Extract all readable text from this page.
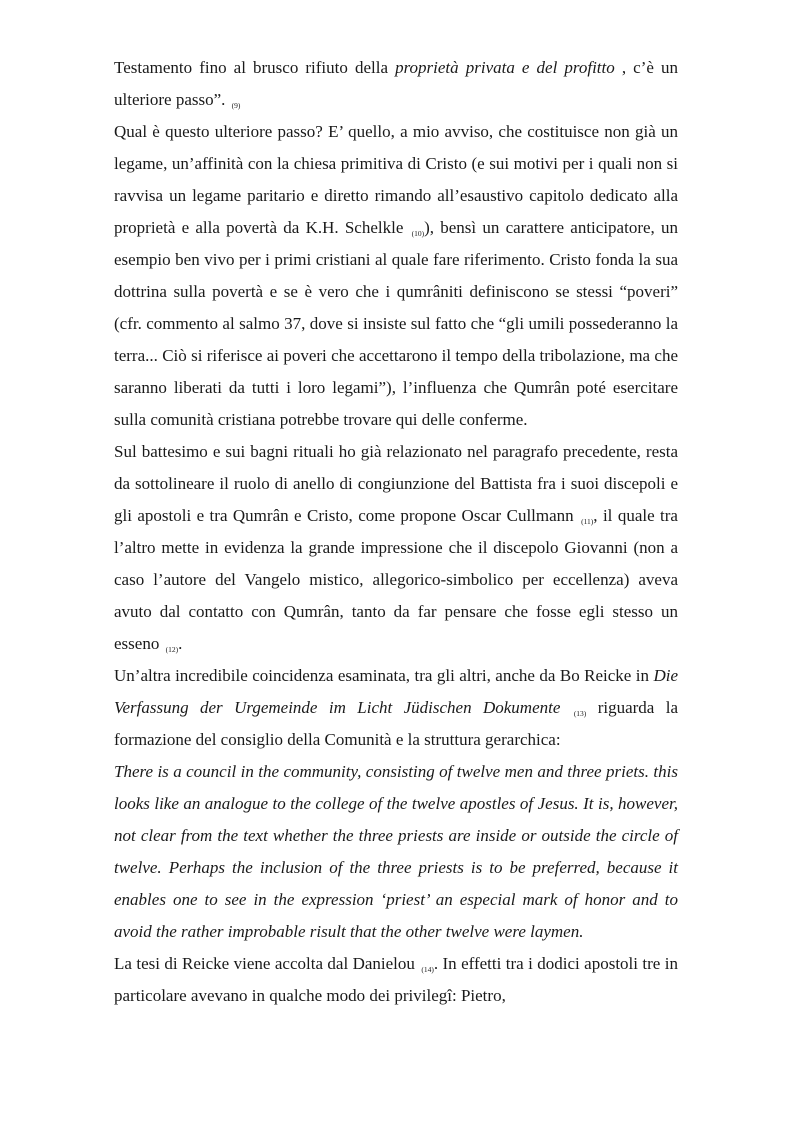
Testamento fino al brusco rifiuto della proprietà privata e del profitto , c’è un ulteriore passo”. (9)

Qual è questo ulteriore passo? E’ quello, a mio avviso, che costituisce non già un legame, un’affinità con la chiesa primitiva di Cristo (e sui motivi per i quali non si ravvisa un legame paritario e diretto rimando all’esaustivo capitolo dedicato alla proprietà e alla povertà da K.H. Schelkle (10)), bensì un carattere anticipatore, un esempio ben vivo per i primi cristiani al quale fare riferimento. Cristo fonda la sua dottrina sulla povertà e se è vero che i qumrâniti definiscono se stessi “poveri” (cfr. commento al salmo 37, dove si insiste sul fatto che “gli umili possederanno la terra... Ciò si riferisce ai poveri che accettarono il tempo della tribolazione, ma che saranno liberati da tutti i loro legami”), l’influenza che Qumrân poté esercitare sulla comunità cristiana potrebbe trovare qui delle conferme.

Sul battesimo e sui bagni rituali ho già relazionato nel paragrafo precedente, resta da sottolineare il ruolo di anello di congiunzione del Battista fra i suoi discepoli e gli apostoli e tra Qumrân e Cristo, come propone Oscar Cullmann (11), il quale tra l’altro mette in evidenza la grande impressione che il discepolo Giovanni (non a caso l’autore del Vangelo mistico, allegorico-simbolico per eccellenza) aveva avuto dal contatto con Qumrân, tanto da far pensare che fosse egli stesso un esseno (12).

Un’altra incredibile coincidenza esaminata, tra gli altri, anche da Bo Reicke in Die Verfassung der Urgemeinde im Licht Jüdischen Dokumente (13) riguarda la formazione del consiglio della Comunità e la struttura gerarchica:

There is a council in the community, consisting of twelve men and three priets. this looks like an analogue to the college of the twelve apostles of Jesus. It is, however, not clear from the text whether the three priests are inside or outside the circle of twelve. Perhaps the inclusion of the three priests is to be preferred, because it enables one to see in the expression ‘priest’ an especial mark of honor and to avoid the rather improbable risult that the other twelve were laymen.

La tesi di Reicke viene accolta dal Danielou (14). In effetti tra i dodici apostoli tre in particolare avevano in qualche modo dei privilegî: Pietro,
